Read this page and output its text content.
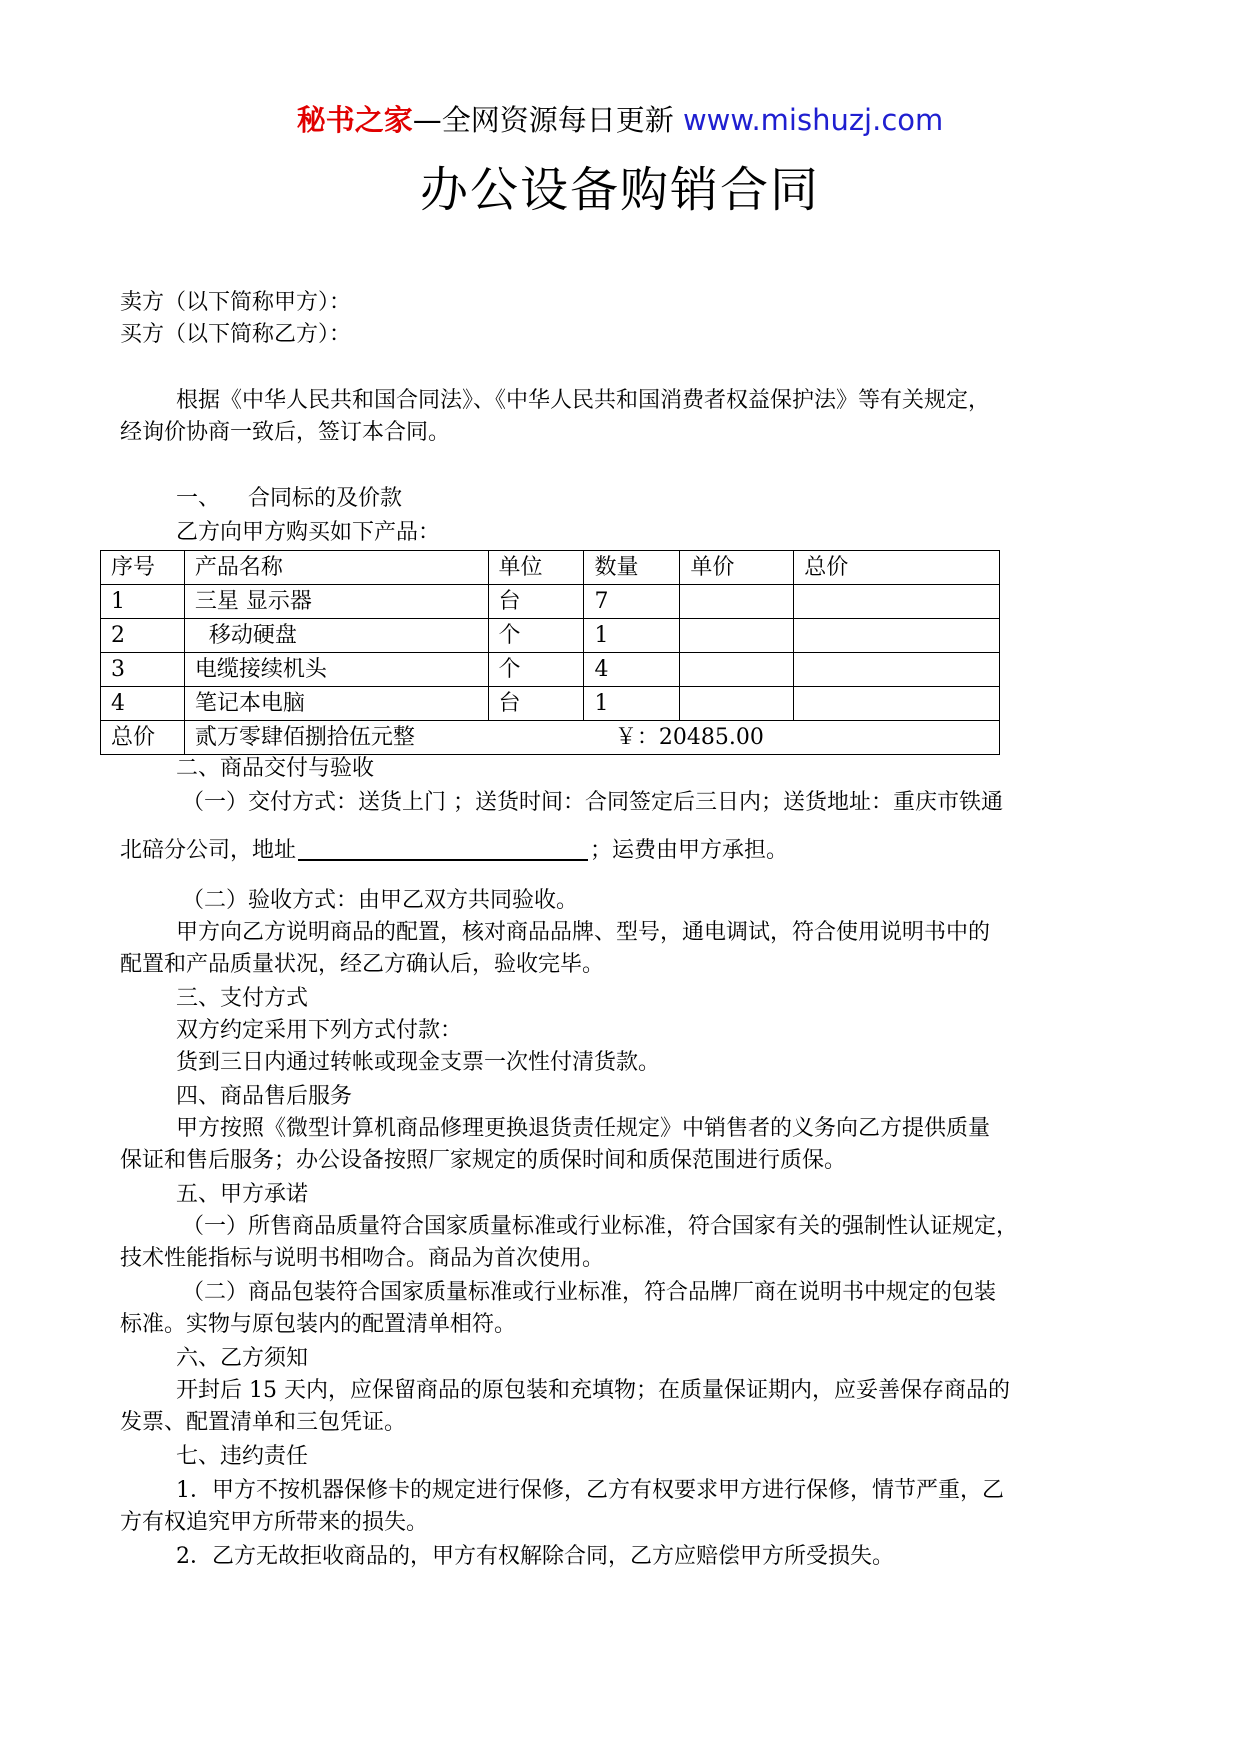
秘书之家—全网资源每日更新 www.mishuzj.com
办公设备购销合同
卖方（以下简称甲方）：
买方（以下简称乙方）：
根据《中华人民共和国合同法》、《中华人民共和国消费者权益保护法》等有关规定，
经询价协商一致后，签订本合同。
一、    合同标的及价款
乙方向甲方购买如下产品：
序号	产品名称	单位	数量	单价	总价
1	三星 显示器	台	7		
2	移动硬盘	个	1		
3	电缆接续机头	个	4		
4	笔记本电脑	台	1		
总价	贰万零肆佰捌拾伍元整 ￥：20485.00				
二、商品交付与验收
（一）交付方式：送货上门 ；送货时间：合同签定后三日内；送货地址：重庆市铁通
北碚分公司，地址	；运费由甲方承担。
（二）验收方式：由甲乙双方共同验收。
甲方向乙方说明商品的配置，核对商品品牌、型号，通电调试，符合使用说明书中的
配置和产品质量状况，经乙方确认后，验收完毕。
三、支付方式
双方约定采用下列方式付款：
货到三日内通过转帐或现金支票一次性付清货款。
四、商品售后服务
甲方按照《微型计算机商品修理更换退货责任规定》中销售者的义务向乙方提供质量
保证和售后服务；办公设备按照厂家规定的质保时间和质保范围进行质保。
五、甲方承诺
（一）所售商品质量符合国家质量标准或行业标准，符合国家有关的强制性认证规定，
技术性能指标与说明书相吻合。商品为首次使用。
（二）商品包装符合国家质量标准或行业标准，符合品牌厂商在说明书中规定的包装
标准。实物与原包装内的配置清单相符。
六、乙方须知
开封后 15 天内，应保留商品的原包装和充填物；在质量保证期内，应妥善保存商品的
发票、配置清单和三包凭证。
七、违约责任
1．甲方不按机器保修卡的规定进行保修，乙方有权要求甲方进行保修，情节严重，乙
方有权追究甲方所带来的损失。
2．乙方无故拒收商品的，甲方有权解除合同，乙方应赔偿甲方所受损失。
